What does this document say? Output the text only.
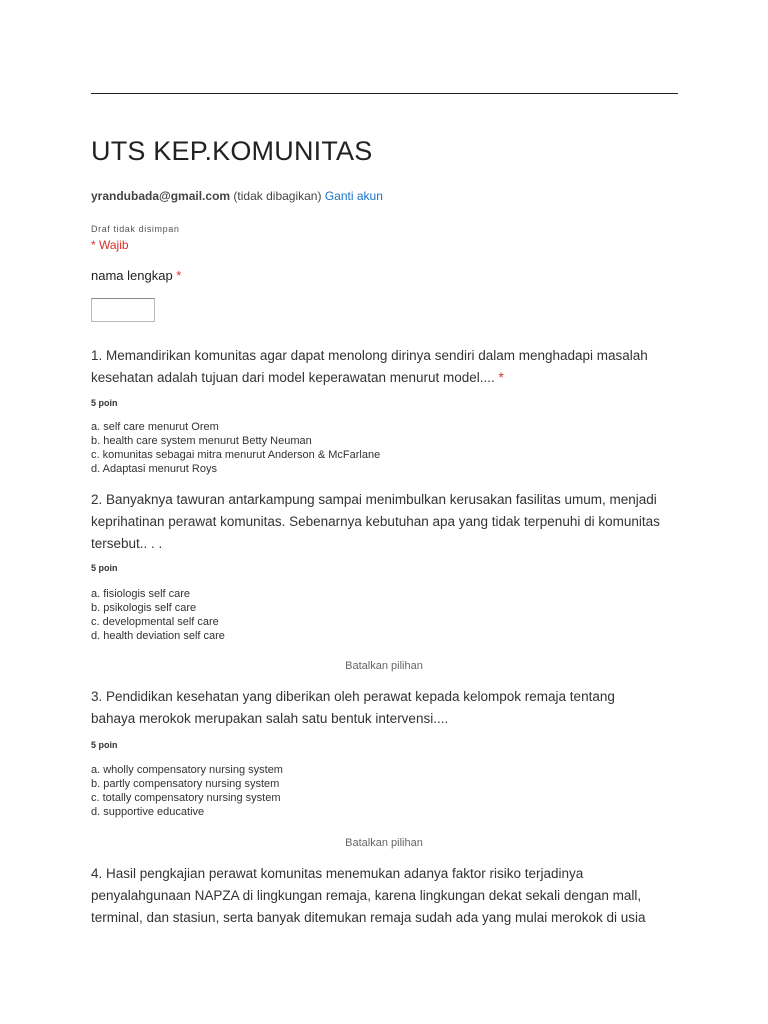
UTS KEP.KOMUNITAS
yrandubada@gmail.com (tidak dibagikan) Ganti akun
Draf tidak disimpan
* Wajib
nama lengkap *
1. Memandirikan komunitas agar dapat menolong dirinya sendiri dalam menghadapi masalah
kesehatan adalah tujuan dari model keperawatan menurut model.... *
5 poin
a. self care menurut Orem
b. health care system menurut Betty Neuman
c. komunitas sebagai mitra menurut Anderson & McFarlane
d. Adaptasi menurut Roys
2. Banyaknya tawuran antarkampung sampai menimbulkan kerusakan fasilitas umum, menjadi
keprihatinan perawat komunitas. Sebenarnya kebutuhan apa yang tidak terpenuhi di komunitas
tersebut.. . .
5 poin
a. fisiologis self care
b. psikologis self care
c. developmental self care
d. health deviation self care
Batalkan pilihan
3. Pendidikan kesehatan yang diberikan oleh perawat kepada kelompok remaja tentang
bahaya merokok merupakan salah satu bentuk intervensi....
5 poin
a. wholly compensatory nursing system
b. partly compensatory nursing system
c. totally compensatory nursing system
d. supportive educative
Batalkan pilihan
4. Hasil pengkajian perawat komunitas menemukan adanya faktor risiko terjadinya
penyalahgunaan NAPZA di lingkungan remaja, karena lingkungan dekat sekali dengan mall,
terminal, dan stasiun, serta banyak ditemukan remaja sudah ada yang mulai merokok di usia
